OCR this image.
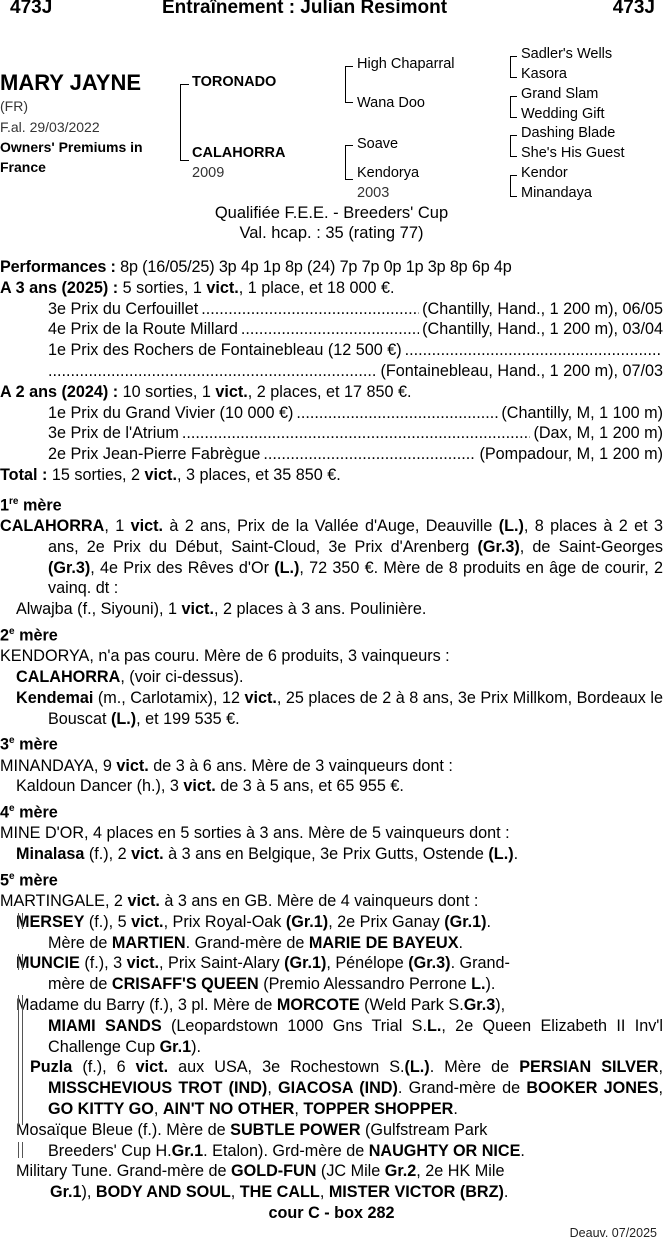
473J	Entraînement : Julian Resimont	473J
MARY JAYNE
(FR)
F.al. 29/03/2022
Owners' Premiums in
France
TORONADO
CALAHORRA
2009
High Chaparral
Wana Doo
Soave
Kendorya
2003
Sadler's Wells
Kasora
Grand Slam
Wedding Gift
Dashing Blade
She's His Guest
Kendor
Minandaya
Qualifiée F.E.E. - Breeders' Cup
Val. hcap. : 35 (rating 77)

Performances : 8p (16/05/25) 3p 4p 1p 8p (24) 7p 7p 0p 1p 3p 8p 6p 4p

A 3 ans (2025) : 5 sorties, 1 vict., 1 place, et 18 000 €.

3e Prix du Cerfouillet .....	(Chantilly, Hand., 1 200 m), 06/05
4e Prix de la Route Millard .....	(Chantilly, Hand., 1 200 m), 03/04
1e Prix des Rochers de Fontainebleau (12 500 €)
.....
.....
(Fontainebleau, Hand., 1 200 m), 07/03

A 2 ans (2024) : 10 sorties, 1 vict., 2 places, et 17 850 €.

1e Prix du Grand Vivier (10 000 €) .....	(Chantilly, M, 1 100 m)
3e Prix de l'Atrium .....	(Dax, M, 1 200 m)
2e Prix Jean-Pierre Fabrègue .....	(Pompadour, M, 1 200 m)

Total : 15 sorties, 2 vict., 3 places, et 35 850 €.

1re mère

CALAHORRA, 1 vict. à 2 ans, Prix de la Vallée d'Auge, Deauville (L.), 8 places à 2 et 3 ans, 2e Prix du Début, Saint-Cloud, 3e Prix d'Arenberg (Gr.3), de Saint-Georges (Gr.3), 4e Prix des Rêves d'Or (L.), 72 350 €. Mère de 8 produits en âge de courir, 2 vainq. dt :

Alwajba (f., Siyouni), 1 vict., 2 places à 3 ans. Poulinière.

2e mère

KENDORYA, n'a pas couru. Mère de 6 produits, 3 vainqueurs :

CALAHORRA, (voir ci-dessus).

Kendemai (m., Carlotamix), 12 vict., 25 places de 2 à 8 ans, 3e Prix Millkom, Bordeaux le Bouscat (L.), et 199 535 €.

3e mère

MINANDAYA, 9 vict. de 3 à 6 ans. Mère de 3 vainqueurs dont :

Kaldoun Dancer (h.), 3 vict. de 3 à 5 ans, et 65 955 €.

4e mère

MINE D'OR, 4 places en 5 sorties à 3 ans. Mère de 5 vainqueurs dont :

Minalasa (f.), 2 vict. à 3 ans en Belgique, 3e Prix Gutts, Ostende (L.).

5e mère

MARTINGALE, 2 vict. à 3 ans en GB. Mère de 4 vainqueurs dont :

MERSEY (f.), 5 vict., Prix Royal-Oak (Gr.1), 2e Prix Ganay (Gr.1).

Mère de MARTIEN. Grand-mère de MARIE DE BAYEUX.

MUNCIE (f.), 3 vict., Prix Saint-Alary (Gr.1), Pénélope (Gr.3). Grand-

mère de CRISAFF'S QUEEN (Premio Alessandro Perrone L.).

Madame du Barry (f.), 3 pl. Mère de MORCOTE (Weld Park S.Gr.3),

MIAMI SANDS (Leopardstown 1000 Gns Trial S.L., 2e Queen Elizabeth II Inv'l Challenge Cup Gr.1).

Puzla (f.), 6 vict. aux USA, 3e Rochestown S.(L.). Mère de PERSIAN SILVER, MISSCHEVIOUS TROT (IND), GIACOSA (IND). Grand-mère de BOOKER JONES, GO KITTY GO, AIN'T NO OTHER, TOPPER SHOPPER.

Mosaïque Bleue (f.). Mère de SUBTLE POWER (Gulfstream Park

Breeders' Cup H.Gr.1. Etalon). Grd-mère de NAUGHTY OR NICE.

Military Tune. Grand-mère de GOLD-FUN (JC Mile Gr.2, 2e HK Mile

Gr.1), BODY AND SOUL, THE CALL, MISTER VICTOR (BRZ).

cour C - box 282

Deauv. 07/2025
